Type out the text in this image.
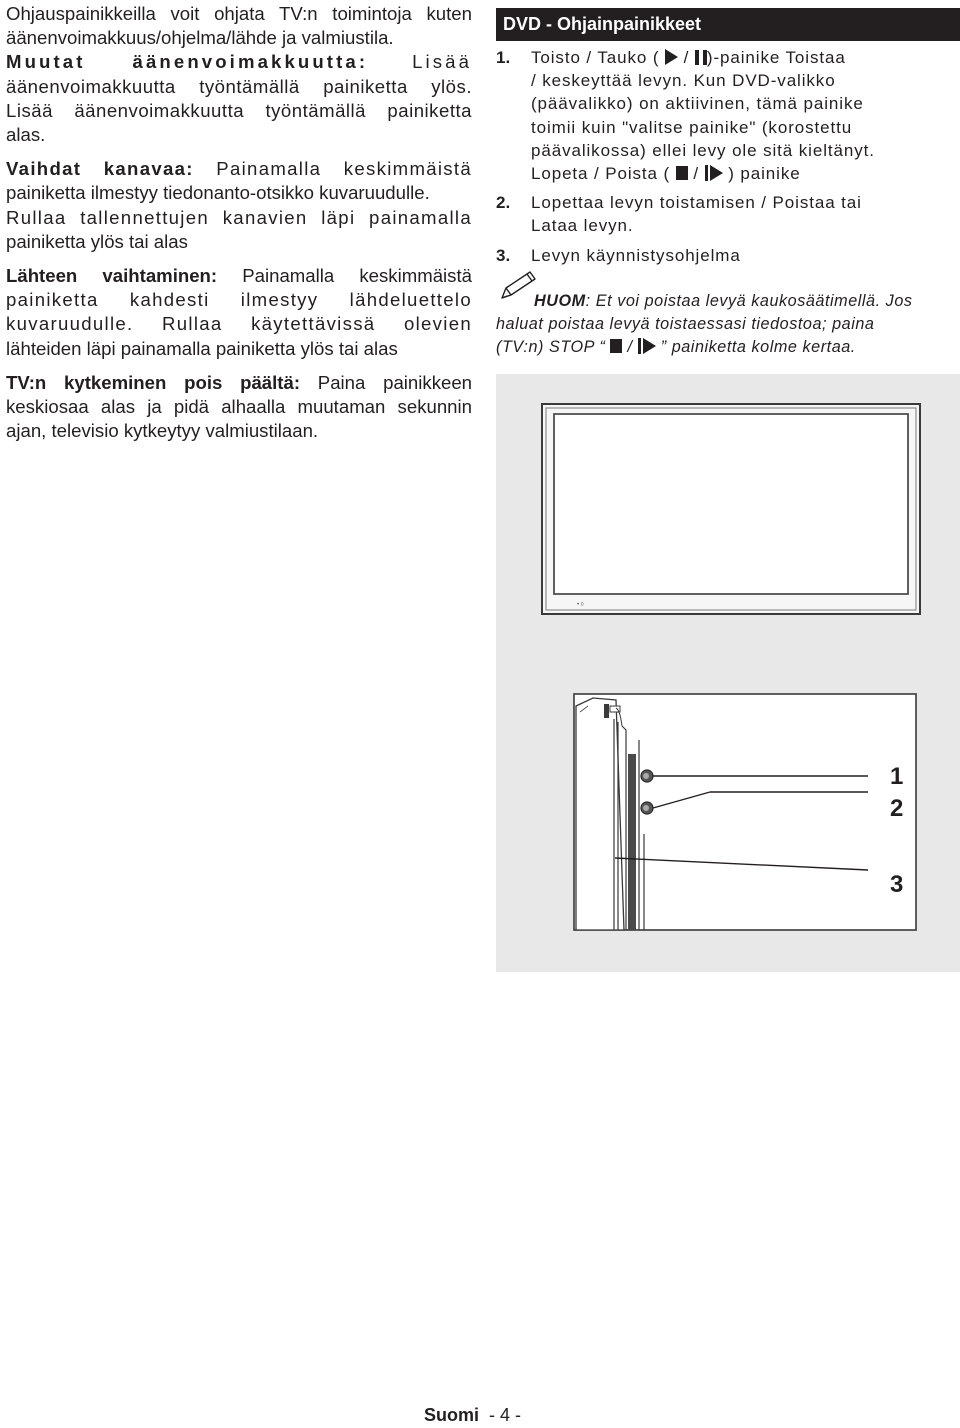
Ohjauspainikkeilla voit ohjata TV:n toimintoja kuten

äänenvoimakkuus/ohjelma/lähde ja valmiustila.

Muutat äänenvoimakkuutta: Lisää

äänenvoimakkuutta työntämällä painiketta ylös.

Lisää äänenvoimakkuutta työntämällä painiketta

alas.

Vaihdat kanavaa: Painamalla keskimmäistä

painiketta ilmestyy tiedonanto-otsikko kuvaruudulle.

Rullaa tallennettujen kanavien läpi painamalla

painiketta ylös tai alas

Lähteen vaihtaminen: Painamalla keskimmäistä

painiketta kahdesti ilmestyy lähdeluettelo

kuvaruudulle. Rullaa käytettävissä olevien

lähteiden läpi painamalla painiketta ylös tai alas

TV:n kytkeminen pois päältä: Paina painikkeen

keskiosaa alas ja pidä alhaalla muutaman sekunnin

ajan, televisio kytkeytyy valmiustilaan.

DVD - Ohjainpainikkeet
1. Toisto / Tauko ( / )-painike Toistaa
/ keskeyttää levyn. Kun DVD-valikko
(päävalikko) on aktiivinen, tämä painike
toimii kuin "valitse painike" (korostettu
päävalikossa) ellei levy ole sitä kieltänyt.
Lopeta / Poista ( / ) painike
2. Lopettaa levyn toistamisen / Poistaa tai
Lataa levyn.
3. Levyn käynnistysohjelma
HUOM: Et voi poistaa levyä kaukosäätimellä. Jos
haluat poistaa levyä toistaessasi tiedostoa; paina
(TV:n) STOP “ / ” painiketta kolme kertaa.
• ◊
1
2
3
Suomi - 4 -
